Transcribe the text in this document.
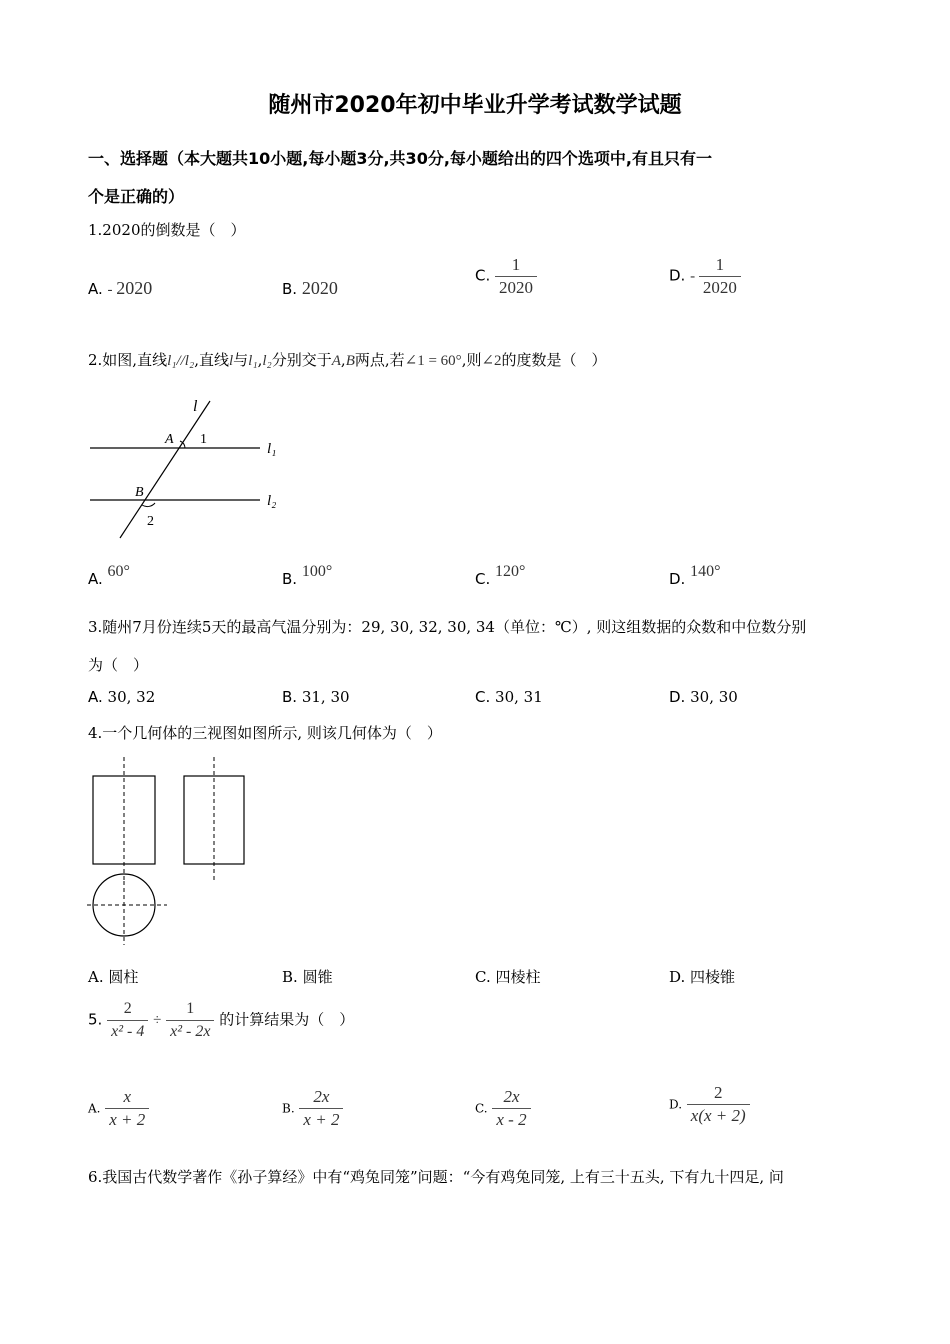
随州市2020年初中毕业升学考试数学试题
一、选择题（本大题共10小题,每小题3分,共30分,每小题给出的四个选项中,有且只有一
个是正确的）
1.2020的倒数是（　）
A. - 2020	B. 2020
C. $\frac{1}{2020}$	D. - $\frac{1}{2020}$
2.如图,直线l₁//l₂,直线l与l₁,l₂分别交于A,B两点,若∠1 = 60°,则∠2的度数是（　）
l
l₁
l₂
A 1
B
2
A. 60°	B. 100°	C. 120°	D. 140°
3.随州7月份连续5天的最高气温分别为：29, 30, 32, 30, 34（单位：℃）, 则这组数据的众数和中位数分别
为（　）
A. 30, 32	B. 31, 30	C. 30, 31	D. 30, 30
4.一个几何体的三视图如图所示, 则该几何体为（　）
A. 圆柱	B. 圆锥	C. 四棱柱	D. 四棱锥
5. $\frac{2}{\text{x² - 4}} \div \frac{1}{\text{x² - 2x}}$ 的计算结果为（　）
A. $\frac{x}{x + 2}$	B. $\frac{2x}{x + 2}$	C. $\frac{2x}{x - 2}$	D. $\frac{2}{x(x + 2)}$
6.我国古代数学著作《孙子算经》中有“鸡兔同笼”问题：“今有鸡兔同笼, 上有三十五头, 下有九十四足, 问
